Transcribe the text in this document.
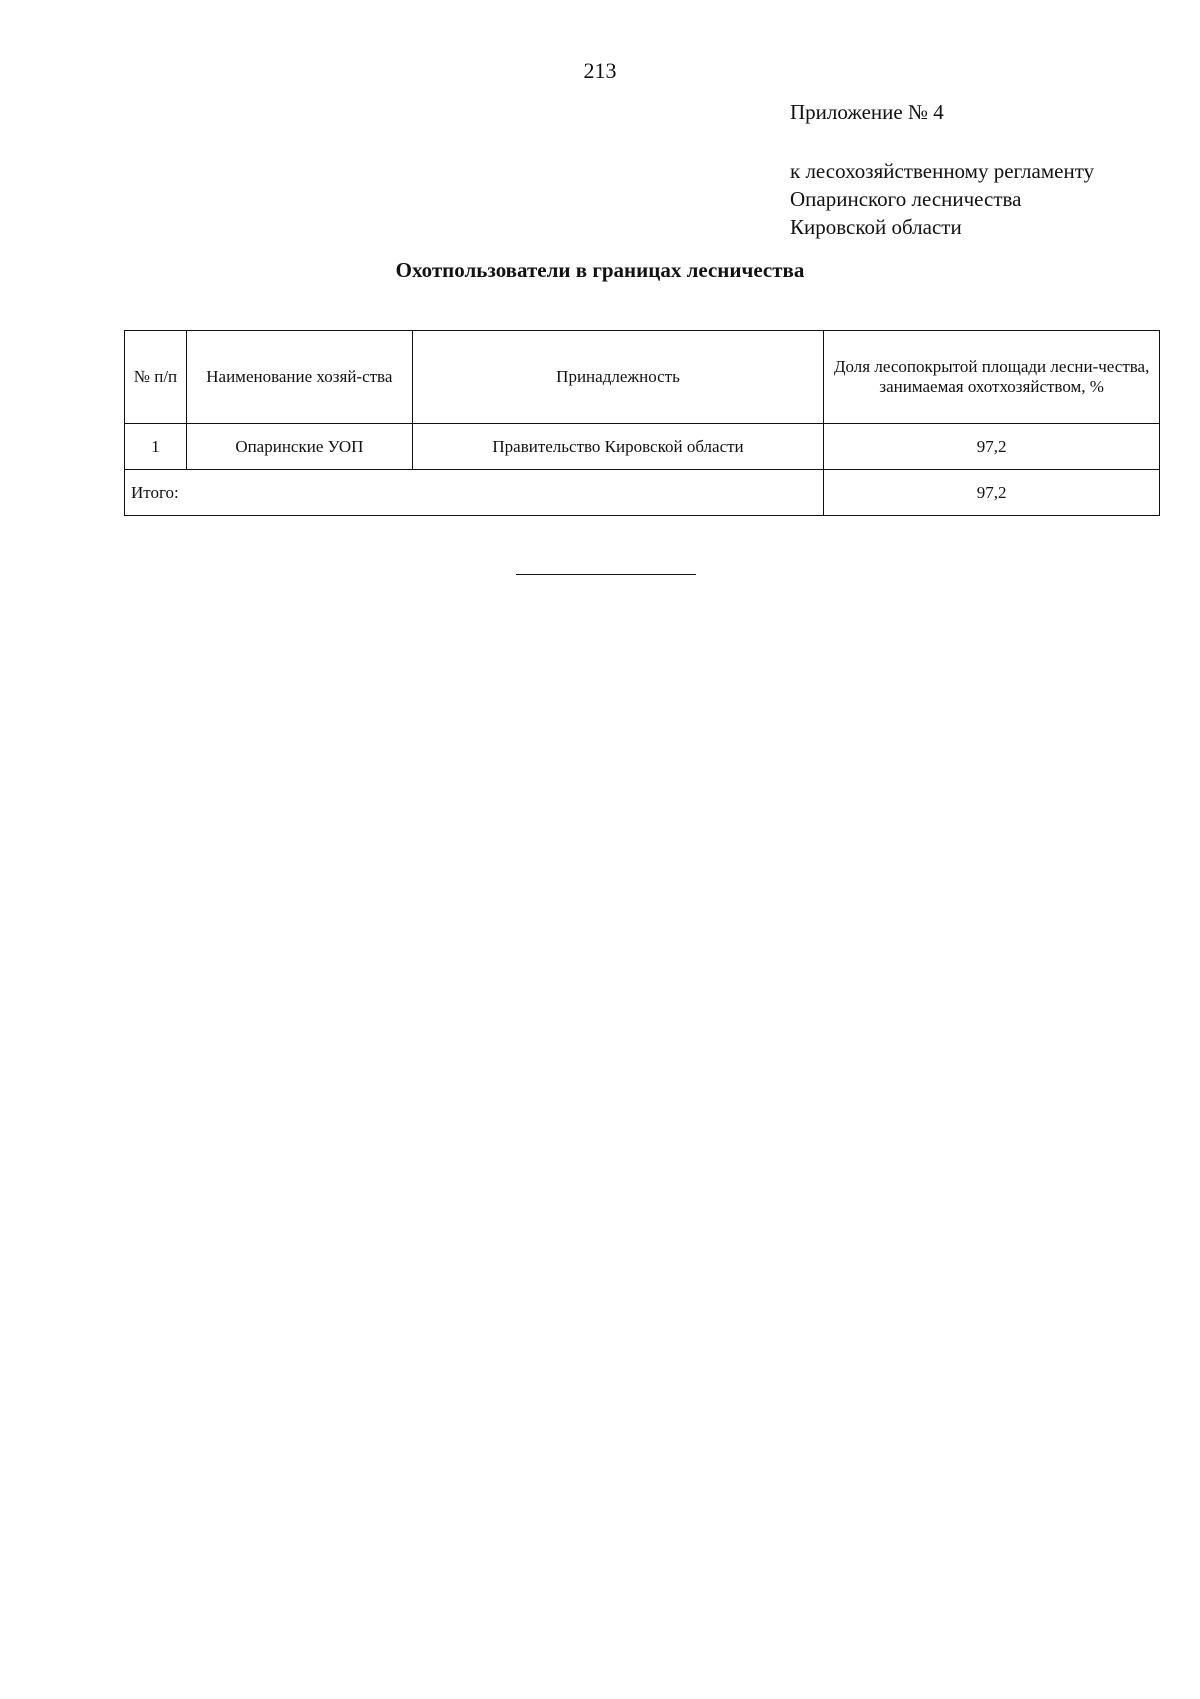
213
Приложение № 4
к лесохозяйственному регламенту
Опаринского лесничества
Кировской области
Охотпользователи в границах лесничества
№ п/п	Наименование хозяй-ства	Принадлежность	Доля лесопокрытой площади лесни-чества, занимаемая охотхозяйством, %
1	Опаринские УОП	Правительство Кировской области	97,2
Итого:			97,2
